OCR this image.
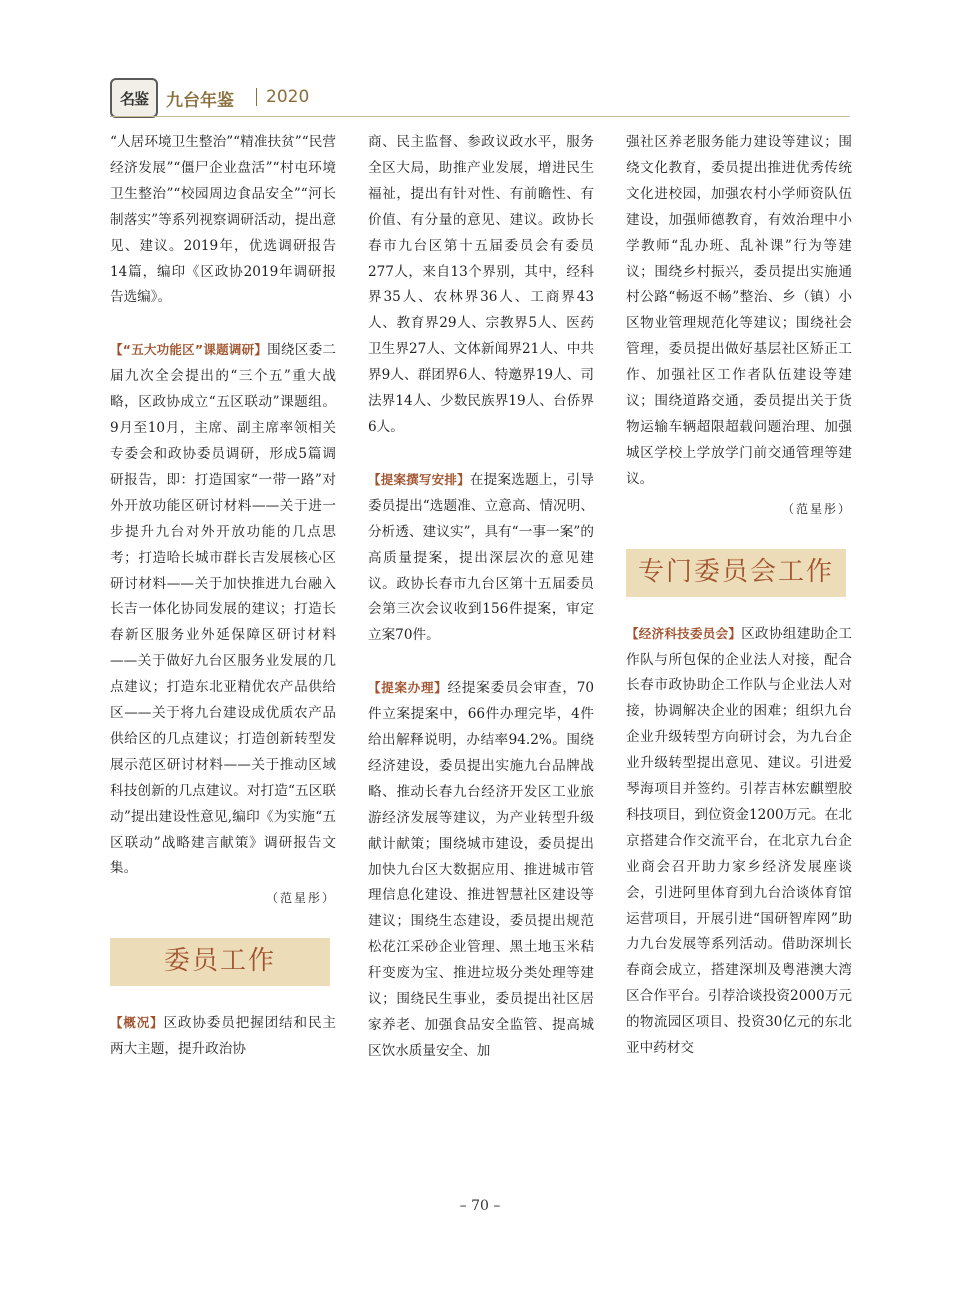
名鉴	九台年鉴 2020

“人居环境卫生整治”“精准扶贫”“民营经济发展”“僵尸企业盘活”“村屯环境卫生整治”“校园周边食品安全”“河长制落实”等系列视察调研活动，提出意见、建议。2019年，优选调研报告14篇，编印《区政协2019年调研报告选编》。

【“五大功能区”课题调研】围绕区委二届九次全会提出的“三个五”重大战略，区政协成立“五区联动”课题组。9月至10月，主席、副主席率领相关专委会和政协委员调研，形成5篇调研报告，即：打造国家“一带一路”对外开放功能区研讨材料——关于进一步提升九台对外开放功能的几点思考；打造哈长城市群长吉发展核心区研讨材料——关于加快推进九台融入长吉一体化协同发展的建议；打造长春新区服务业外延保障区研讨材料——关于做好九台区服务业发展的几点建议；打造东北亚精优农产品供给区——关于将九台建设成优质农产品供给区的几点建议；打造创新转型发展示范区研讨材料——关于推动区域科技创新的几点建议。对打造“五区联动”提出建设性意见,编印《为实施“五区联动”战略建言献策》调研报告文集。

（范星彤）
委员工作

【概况】区政协委员把握团结和民主两大主题，提升政治协

商、民主监督、参政议政水平，服务全区大局，助推产业发展，增进民生福祉，提出有针对性、有前瞻性、有价值、有分量的意见、建议。政协长春市九台区第十五届委员会有委员277人，来自13个界别，其中，经科界35人、农林界36人、工商界43人、教育界29人、宗教界5人、医药卫生界27人、文体新闻界21人、中共界9人、群团界6人、特邀界19人、司法界14人、少数民族界19人、台侨界6人。

【提案撰写安排】在提案选题上，引导委员提出“选题准、立意高、情况明、分析透、建议实”，具有“一事一案”的高质量提案，提出深层次的意见建议。政协长春市九台区第十五届委员会第三次会议收到156件提案，审定立案70件。

【提案办理】经提案委员会审查，70件立案提案中，66件办理完毕，4件给出解释说明，办结率94.2%。围绕经济建设，委员提出实施九台品牌战略、推动长春九台经济开发区工业旅游经济发展等建议，为产业转型升级献计献策；围绕城市建设，委员提出加快九台区大数据应用、推进城市管理信息化建设、推进智慧社区建设等建议；围绕生态建设，委员提出规范松花江采砂企业管理、黑土地玉米秸秆变废为宝、推进垃圾分类处理等建议；围绕民生事业，委员提出社区居家养老、加强食品安全监管、提高城区饮水质量安全、加

强社区养老服务能力建设等建议；围绕文化教育，委员提出推进优秀传统文化进校园，加强农村小学师资队伍建设，加强师德教育，有效治理中小学教师“乱办班、乱补课”行为等建议；围绕乡村振兴，委员提出实施通村公路“畅返不畅”整治、乡（镇）小区物业管理规范化等建议；围绕社会管理，委员提出做好基层社区矫正工作、加强社区工作者队伍建设等建议；围绕道路交通，委员提出关于货物运输车辆超限超载问题治理、加强城区学校上学放学门前交通管理等建议。

（范星彤）
专门委员会工作

【经济科技委员会】区政协组建助企工作队与所包保的企业法人对接，配合长春市政协助企工作队与企业法人对接，协调解决企业的困难；组织九台企业升级转型方向研讨会，为九台企业升级转型提出意见、建议。引进爱琴海项目并签约。引荐吉林宏麒塑胶科技项目，到位资金1200万元。在北京搭建合作交流平台，在北京九台企业商会召开助力家乡经济发展座谈会，引进阿里体育到九台洽谈体育馆运营项目，开展引进“国研智库网”助力九台发展等系列活动。借助深圳长春商会成立，搭建深圳及粤港澳大湾区合作平台。引荐洽谈投资2000万元的物流园区项目、投资30亿元的东北亚中药材交

– 70 –
